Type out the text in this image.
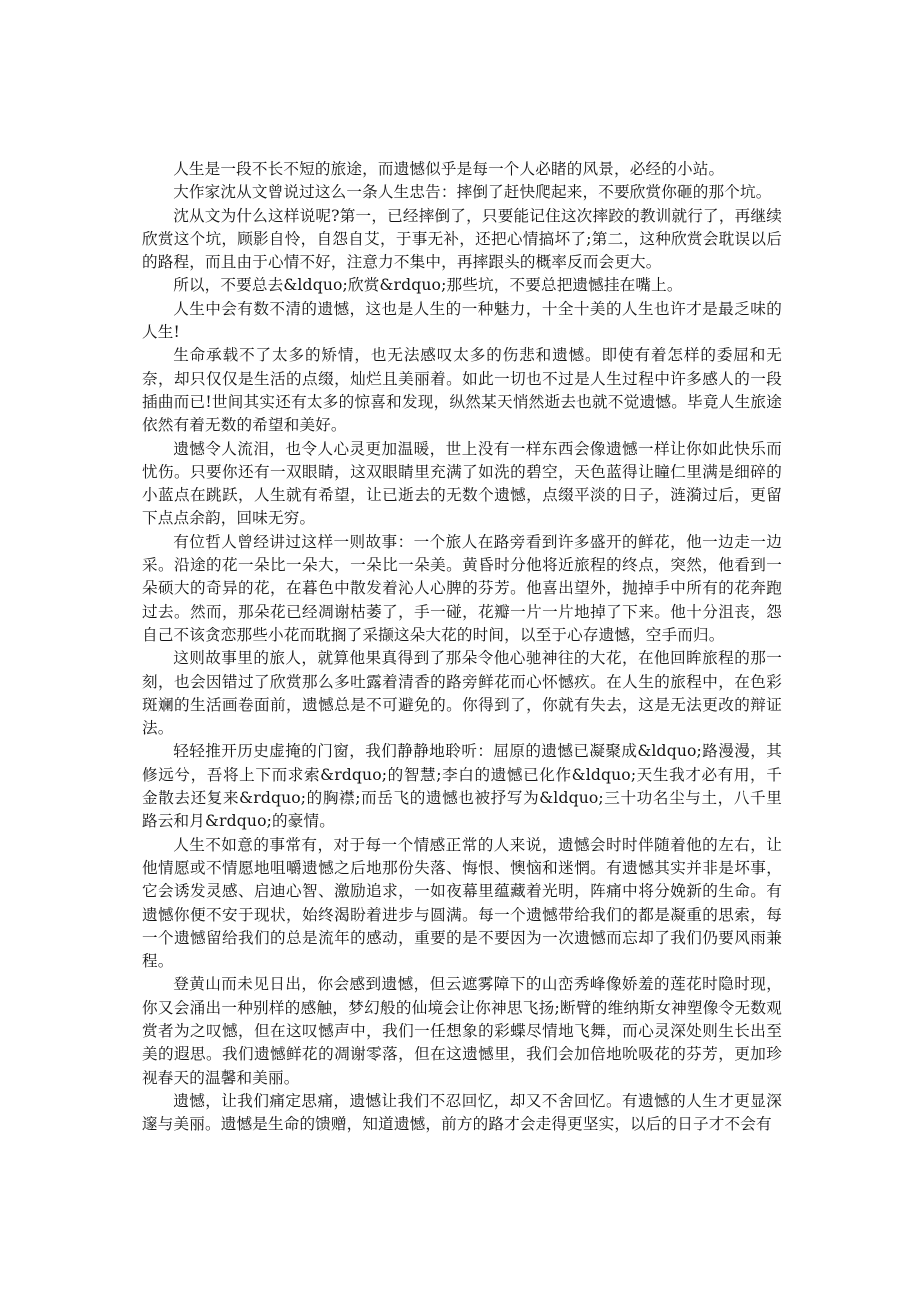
人生是一段不长不短的旅途，而遗憾似乎是每一个人必睹的风景，必经的小站。

大作家沈从文曾说过这么一条人生忠告：摔倒了赶快爬起来，不要欣赏你砸的那个坑。

沈从文为什么这样说呢?第一，已经摔倒了，只要能记住这次摔跤的教训就行了，再继续欣赏这个坑，顾影自怜，自怨自艾，于事无补，还把心情搞坏了;第二，这种欣赏会耽误以后的路程，而且由于心情不好，注意力不集中，再摔跟头的概率反而会更大。

所以，不要总去&ldquo;欣赏&rdquo;那些坑，不要总把遗憾挂在嘴上。

人生中会有数不清的遗憾，这也是人生的一种魅力，十全十美的人生也许才是最乏味的人生!

生命承载不了太多的矫情，也无法感叹太多的伤悲和遗憾。即使有着怎样的委屈和无奈，却只仅仅是生活的点缀，灿烂且美丽着。如此一切也不过是人生过程中许多感人的一段插曲而已!世间其实还有太多的惊喜和发现，纵然某天悄然逝去也就不觉遗憾。毕竟人生旅途依然有着无数的希望和美好。

遗憾令人流泪，也令人心灵更加温暖，世上没有一样东西会像遗憾一样让你如此快乐而忧伤。只要你还有一双眼睛，这双眼睛里充满了如洗的碧空，天色蓝得让瞳仁里满是细碎的小蓝点在跳跃，人生就有希望，让已逝去的无数个遗憾，点缀平淡的日子，涟漪过后，更留下点点余韵，回味无穷。

有位哲人曾经讲过这样一则故事：一个旅人在路旁看到许多盛开的鲜花，他一边走一边采。沿途的花一朵比一朵大，一朵比一朵美。黄昏时分他将近旅程的终点，突然，他看到一朵硕大的奇异的花，在暮色中散发着沁人心脾的芬芳。他喜出望外，抛掉手中所有的花奔跑过去。然而，那朵花已经凋谢枯萎了，手一碰，花瓣一片一片地掉了下来。他十分沮丧，怨自己不该贪恋那些小花而耽搁了采撷这朵大花的时间，以至于心存遗憾，空手而归。

这则故事里的旅人，就算他果真得到了那朵令他心驰神往的大花，在他回眸旅程的那一刻，也会因错过了欣赏那么多吐露着清香的路旁鲜花而心怀憾疚。在人生的旅程中，在色彩斑斓的生活画卷面前，遗憾总是不可避免的。你得到了，你就有失去，这是无法更改的辩证法。

轻轻推开历史虚掩的门窗，我们静静地聆听：屈原的遗憾已凝聚成&ldquo;路漫漫，其修远兮，吾将上下而求索&rdquo;的智慧;李白的遗憾已化作&ldquo;天生我才必有用，千金散去还复来&rdquo;的胸襟;而岳飞的遗憾也被抒写为&ldquo;三十功名尘与土，八千里路云和月&rdquo;的豪情。

人生不如意的事常有，对于每一个情感正常的人来说，遗憾会时时伴随着他的左右，让他情愿或不情愿地咀嚼遗憾之后地那份失落、悔恨、懊恼和迷惘。有遗憾其实并非是坏事，它会诱发灵感、启迪心智、激励追求，一如夜幕里蕴藏着光明，阵痛中将分娩新的生命。有遗憾你便不安于现状，始终渴盼着进步与圆满。每一个遗憾带给我们的都是凝重的思索，每一个遗憾留给我们的总是流年的感动，重要的是不要因为一次遗憾而忘却了我们仍要风雨兼程。

登黄山而未见日出，你会感到遗憾，但云遮雾障下的山峦秀峰像娇羞的莲花时隐时现，你又会涌出一种别样的感触，梦幻般的仙境会让你神思飞扬;断臂的维纳斯女神塑像令无数观赏者为之叹憾，但在这叹憾声中，我们一任想象的彩蝶尽情地飞舞，而心灵深处则生长出至美的遐思。我们遗憾鲜花的凋谢零落，但在这遗憾里，我们会加倍地吮吸花的芬芳，更加珍视春天的温馨和美丽。

遗憾，让我们痛定思痛，遗憾让我们不忍回忆，却又不舍回忆。有遗憾的人生才更显深邃与美丽。遗憾是生命的馈赠，知道遗憾，前方的路才会走得更坚实，以后的日子才不会有
